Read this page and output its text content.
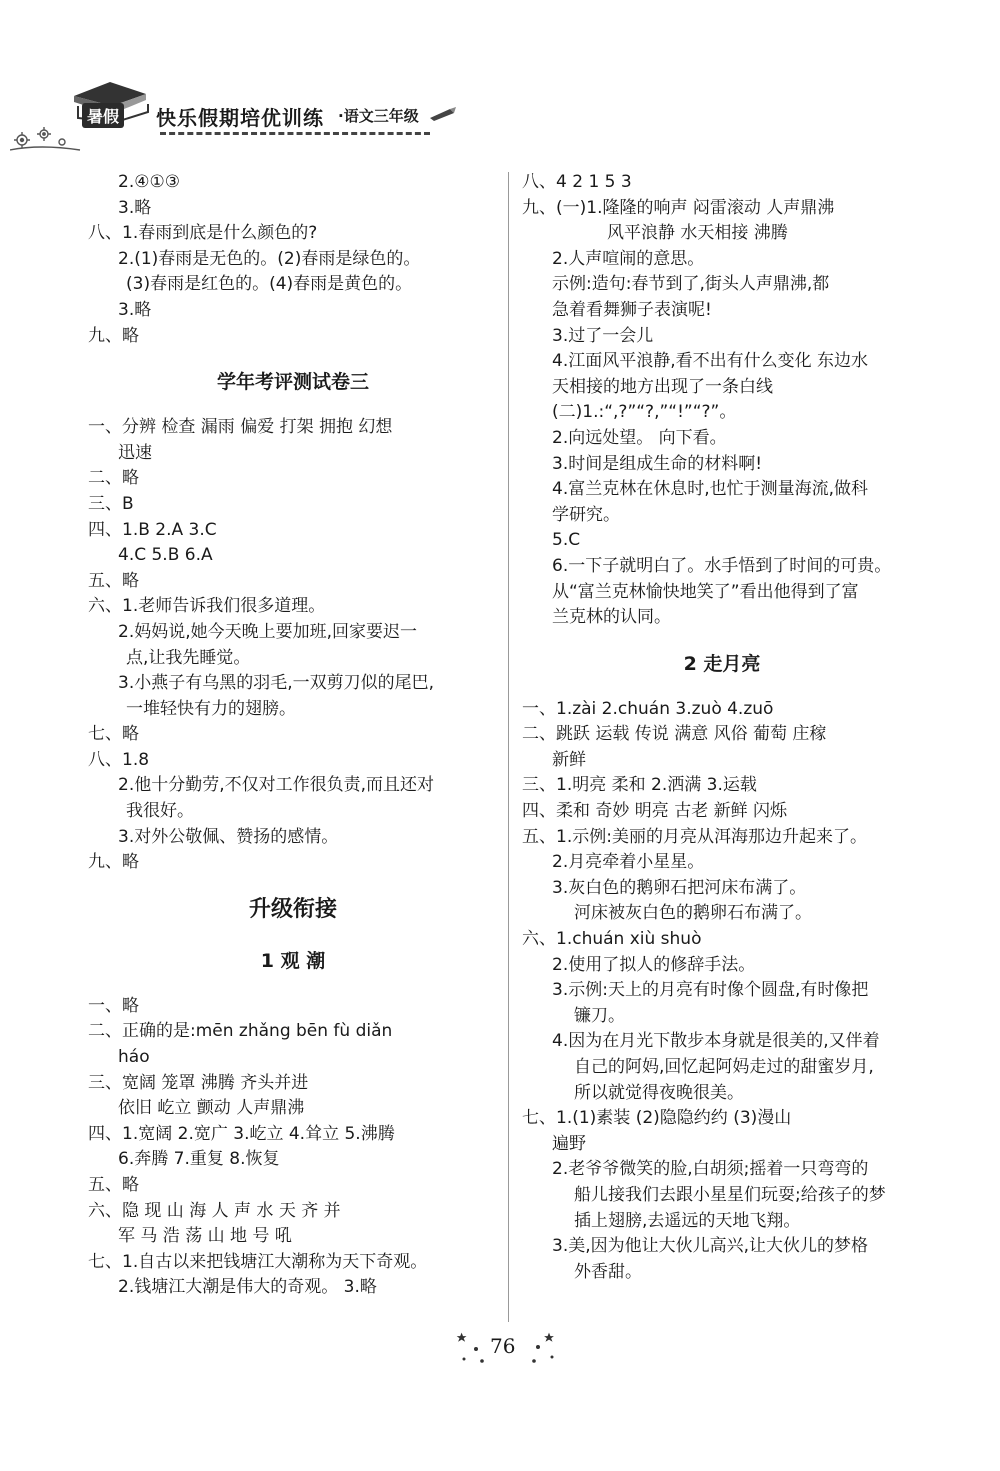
暑假 快乐假期培优训练 ·语文三年级
2.④①③
3.略
八、1.春雨到底是什么颜色的?
2.(1)春雨是无色的。(2)春雨是绿色的。
(3)春雨是红色的。(4)春雨是黄色的。
3.略
九、略
学年考评测试卷三
一、分辨 检查 漏雨 偏爱 打架 拥抱 幻想
迅速
二、略
三、B
四、1.B 2.A 3.C
4.C 5.B 6.A
五、略
六、1.老师告诉我们很多道理。
2.妈妈说,她今天晚上要加班,回家要迟一
点,让我先睡觉。
3.小燕子有乌黑的羽毛,一双剪刀似的尾巴,
一堆轻快有力的翅膀。
七、略
八、1.8
2.他十分勤劳,不仅对工作很负责,而且还对
我很好。
3.对外公敬佩、赞扬的感情。
九、略
升级衔接
1 观 潮
一、略
二、正确的是:mēn zhǎng bēn fù diǎn
háo
三、宽阔 笼罩 沸腾 齐头并进
依旧 屹立 颤动 人声鼎沸
四、1.宽阔 2.宽广 3.屹立 4.耸立 5.沸腾
6.奔腾 7.重复 8.恢复
五、略
六、隐 现 山 海 人 声 水 天 齐 并
军 马 浩 荡 山 地 号 吼
七、1.自古以来把钱塘江大潮称为天下奇观。
2.钱塘江大潮是伟大的奇观。 3.略
八、4 2 1 5 3
九、(一)1.隆隆的响声 闷雷滚动 人声鼎沸
风平浪静 水天相接 沸腾
2.人声喧闹的意思。
示例:造句:春节到了,街头人声鼎沸,都
急着看舞狮子表演呢!
3.过了一会儿
4.江面风平浪静,看不出有什么变化 东边水
天相接的地方出现了一条白线
(二)1.:“,?”“?,”“!”“?”。
2.向远处望。 向下看。
3.时间是组成生命的材料啊!
4.富兰克林在休息时,也忙于测量海流,做科
学研究。
5.C
6.一下子就明白了。水手悟到了时间的可贵。
从“富兰克林愉快地笑了”看出他得到了富
兰克林的认同。
2 走月亮
一、1.zài 2.chuán 3.zuò 4.zuō
二、跳跃 运载 传说 满意 风俗 葡萄 庄稼
新鲜
三、1.明亮 柔和 2.洒满 3.运载
四、柔和 奇妙 明亮 古老 新鲜 闪烁
五、1.示例:美丽的月亮从洱海那边升起来了。
2.月亮牵着小星星。
3.灰白色的鹅卵石把河床布满了。
河床被灰白色的鹅卵石布满了。
六、1.chuán xiù shuò
2.使用了拟人的修辞手法。
3.示例:天上的月亮有时像个圆盘,有时像把
镰刀。
4.因为在月光下散步本身就是很美的,又伴着
自己的阿妈,回忆起阿妈走过的甜蜜岁月,
所以就觉得夜晚很美。
七、1.(1)素装 (2)隐隐约约 (3)漫山
遍野
2.老爷爷微笑的脸,白胡须;摇着一只弯弯的
船儿接我们去跟小星星们玩耍;给孩子的梦
插上翅膀,去遥远的天地飞翔。
3.美,因为他让大伙儿高兴,让大伙儿的梦格
外香甜。
76
